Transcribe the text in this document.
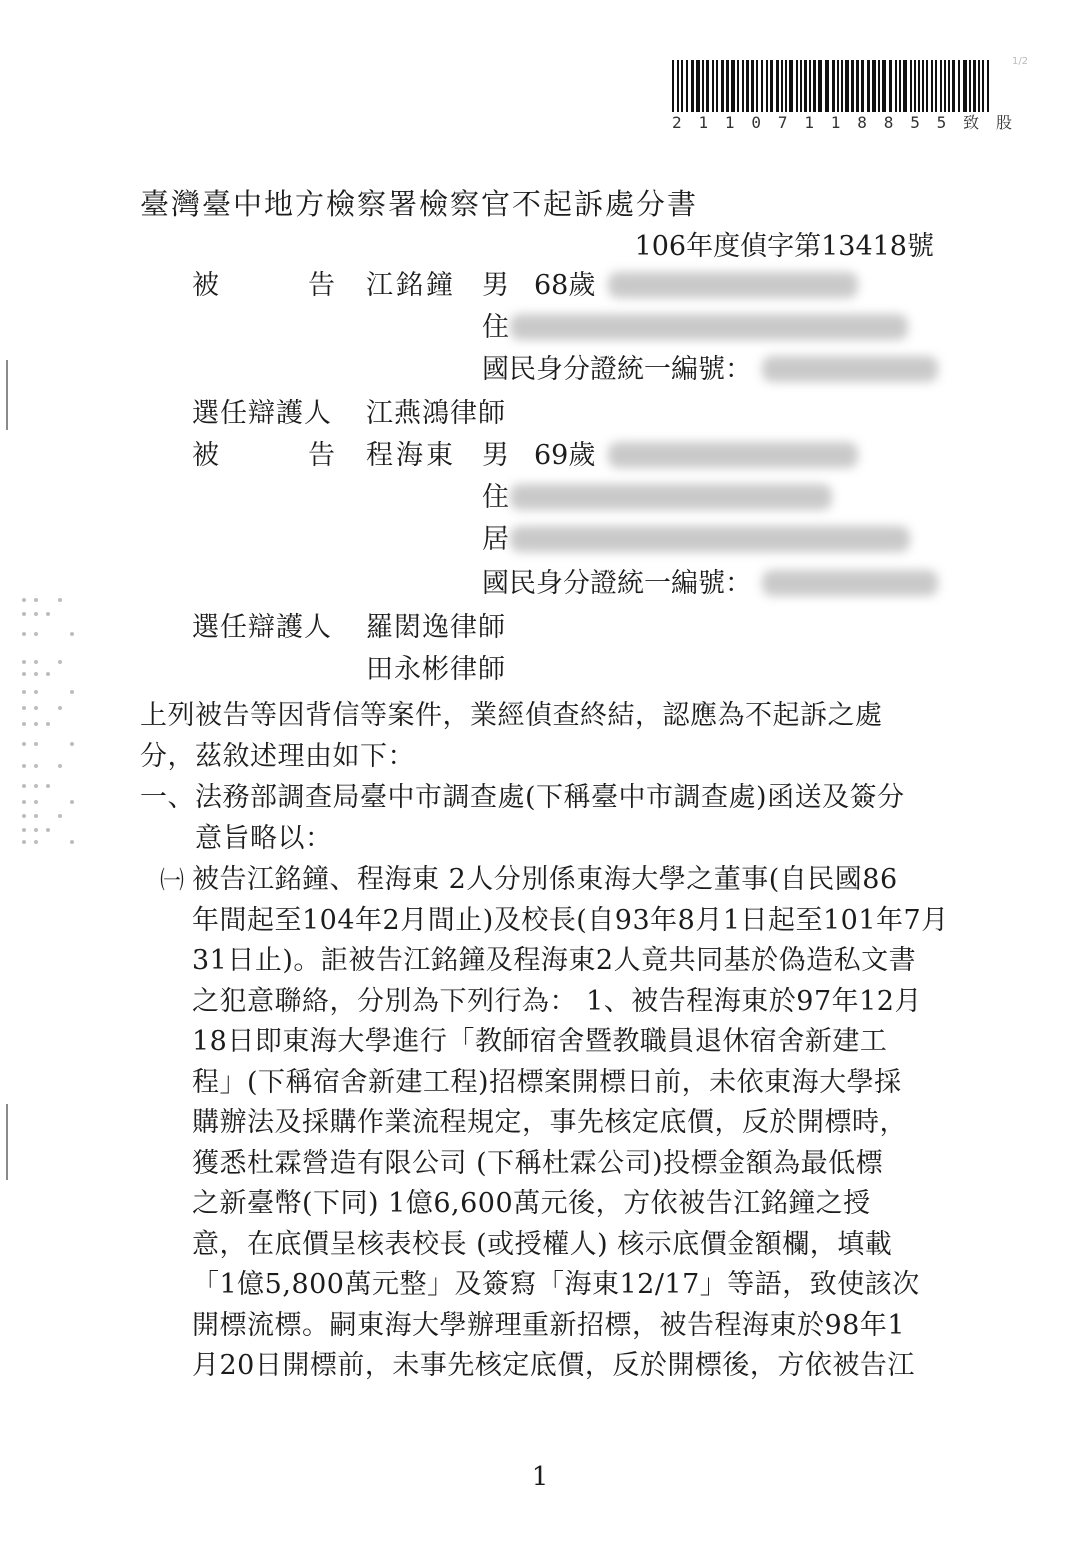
2 1 1 0 7 1 1 8 8 5 5 致 股
1/2
臺灣臺中地方檢察署檢察官不起訴處分書
106年度偵字第13418號
被	告 江銘鐘 男 68歲
住
國民身分證統一編號：
選任辯護人 江燕鴻律師
被	告 程海東 男 69歲
住
居
國民身分證統一編號：
選任辯護人 羅閎逸律師
田永彬律師
上列被告等因背信等案件，業經偵查終結，認應為不起訴之處
分，茲敘述理由如下：
一、法務部調查局臺中市調查處(下稱臺中市調查處)函送及簽分
　　意旨略以：
㈠ 被告江銘鐘、程海東 2人分別係東海大學之董事(自民國86
年間起至104年2月間止)及校長(自93年8月1日起至101年7月
31日止)。詎被告江銘鐘及程海東2人竟共同基於偽造私文書
之犯意聯絡，分別為下列行為： 1、被告程海東於97年12月
18日即東海大學進行「教師宿舍暨教職員退休宿舍新建工
程」(下稱宿舍新建工程)招標案開標日前，未依東海大學採
購辦法及採購作業流程規定，事先核定底價，反於開標時，
獲悉杜霖營造有限公司 (下稱杜霖公司)投標金額為最低標
之新臺幣(下同) 1億6,600萬元後，方依被告江銘鐘之授
意，在底價呈核表校長 (或授權人) 核示底價金額欄，填載
「1億5,800萬元整」及簽寫「海東12/17」等語，致使該次
開標流標。嗣東海大學辦理重新招標，被告程海東於98年1
月20日開標前，未事先核定底價，反於開標後，方依被告江
1
